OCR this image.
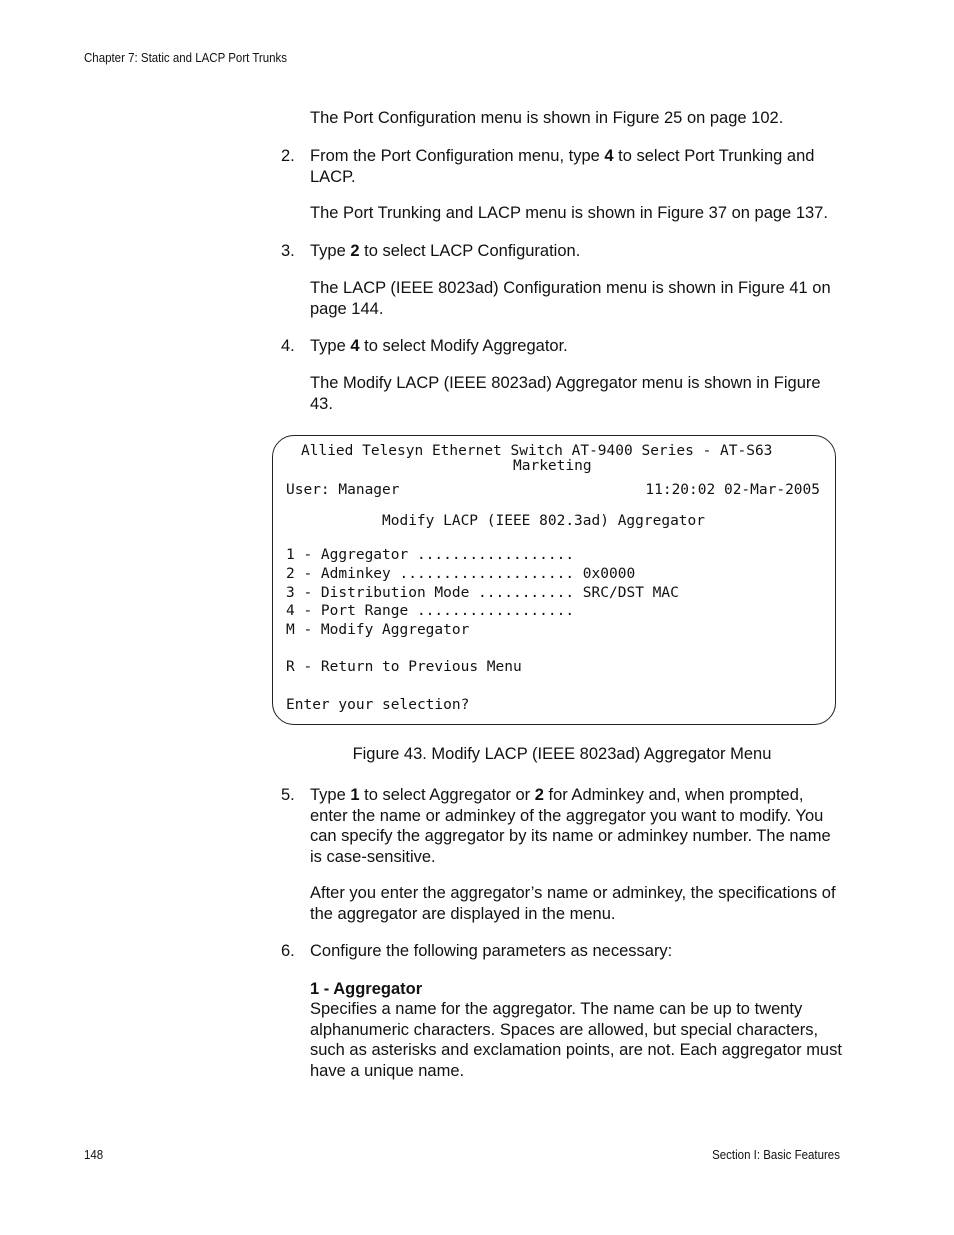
Chapter 7: Static and LACP Port Trunks
The Port Configuration menu is shown in Figure 25 on page 102.
2. From the Port Configuration menu, type 4 to select Port Trunking and LACP.
The Port Trunking and LACP menu is shown in Figure 37 on page 137.
3. Type 2 to select LACP Configuration.
The LACP (IEEE 8023ad) Configuration menu is shown in Figure 41 on page 144.
4. Type 4 to select Modify Aggregator.
The Modify LACP (IEEE 8023ad) Aggregator menu is shown in Figure 43.
Allied Telesyn Ethernet Switch AT-9400 Series - AT-S63
Marketing
User: Manager	11:20:02 02-Mar-2005
Modify LACP (IEEE 802.3ad) Aggregator
1 - Aggregator ..................
2 - Adminkey .................... 0x0000
3 - Distribution Mode ........... SRC/DST MAC
4 - Port Range ..................
M - Modify Aggregator
R - Return to Previous Menu
Enter your selection?
Figure 43. Modify LACP (IEEE 8023ad) Aggregator Menu
5. Type 1 to select Aggregator or 2 for Adminkey and, when prompted, enter the name or adminkey of the aggregator you want to modify. You can specify the aggregator by its name or adminkey number. The name is case-sensitive.
After you enter the aggregator’s name or adminkey, the specifications of the aggregator are displayed in the menu.
6. Configure the following parameters as necessary:
1 - Aggregator
Specifies a name for the aggregator. The name can be up to twenty alphanumeric characters. Spaces are allowed, but special characters, such as asterisks and exclamation points, are not. Each aggregator must have a unique name.
148	Section I: Basic Features
